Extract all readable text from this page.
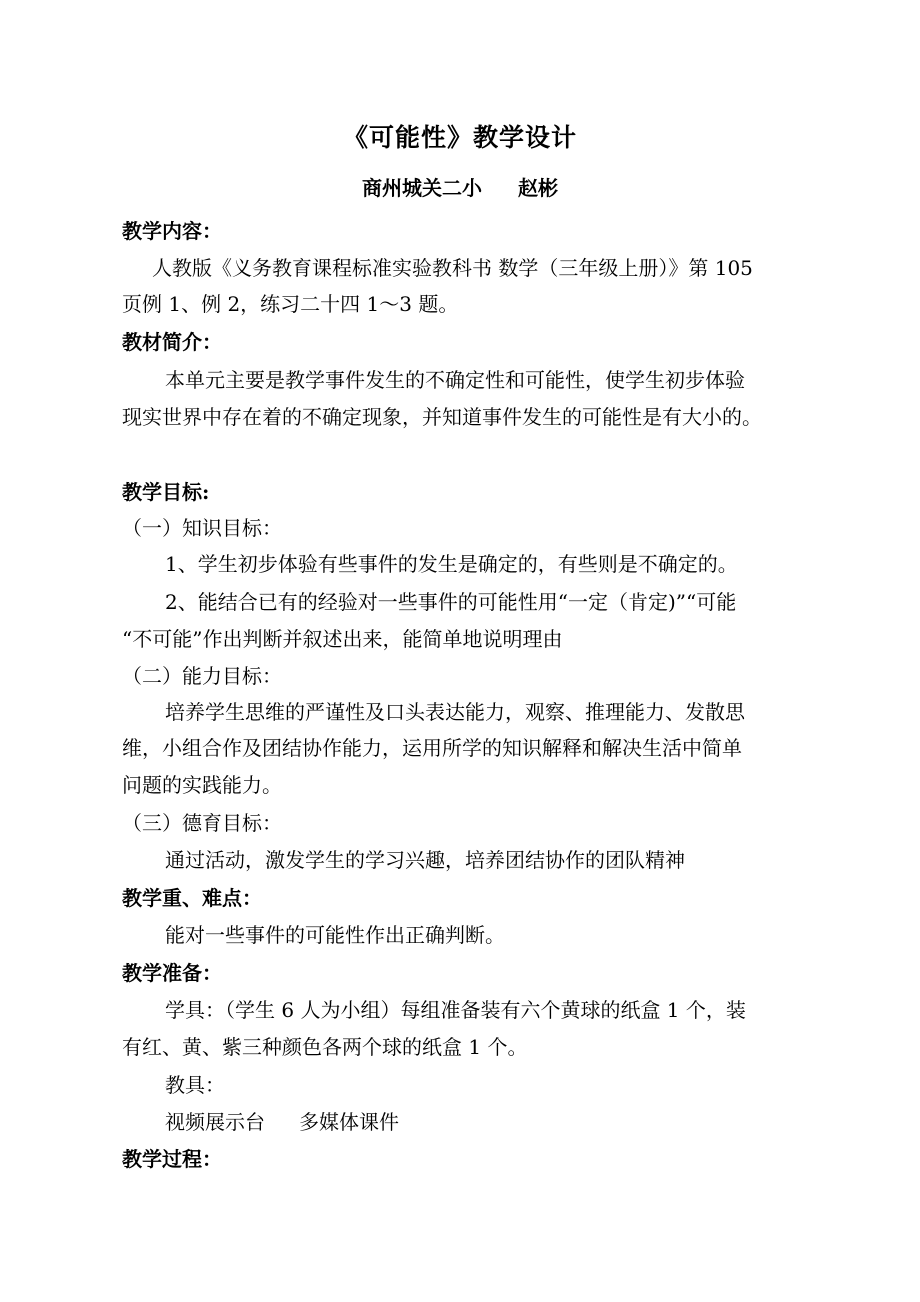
《可能性》教学设计
商州城关二小 赵彬
教学内容：
人教版《义务教育课程标准实验教科书 数学（三年级上册）》第 105
页例 1、例 2，练习二十四 1～3 题。
教材简介：
本单元主要是教学事件发生的不确定性和可能性，使学生初步体验
现实世界中存在着的不确定现象，并知道事件发生的可能性是有大小的。
教学目标:
（一）知识目标：
1、学生初步体验有些事件的发生是确定的，有些则是不确定的。
2、能结合已有的经验对一些事件的可能性用“一定（肯定)”“可能
“不可能”作出判断并叙述出来，能简单地说明理由
（二）能力目标：
培养学生思维的严谨性及口头表达能力，观察、推理能力、发散思
维，小组合作及团结协作能力，运用所学的知识解释和解决生活中简单
问题的实践能力。
（三）德育目标：
通过活动，激发学生的学习兴趣，培养团结协作的团队精神
教学重、难点：
能对一些事件的可能性作出正确判断。
教学准备：
学具：（学生 6 人为小组）每组准备装有六个黄球的纸盒 1 个，装
有红、黄、紫三种颜色各两个球的纸盒 1 个。
教具：
视频展示台 多媒体课件
教学过程：
